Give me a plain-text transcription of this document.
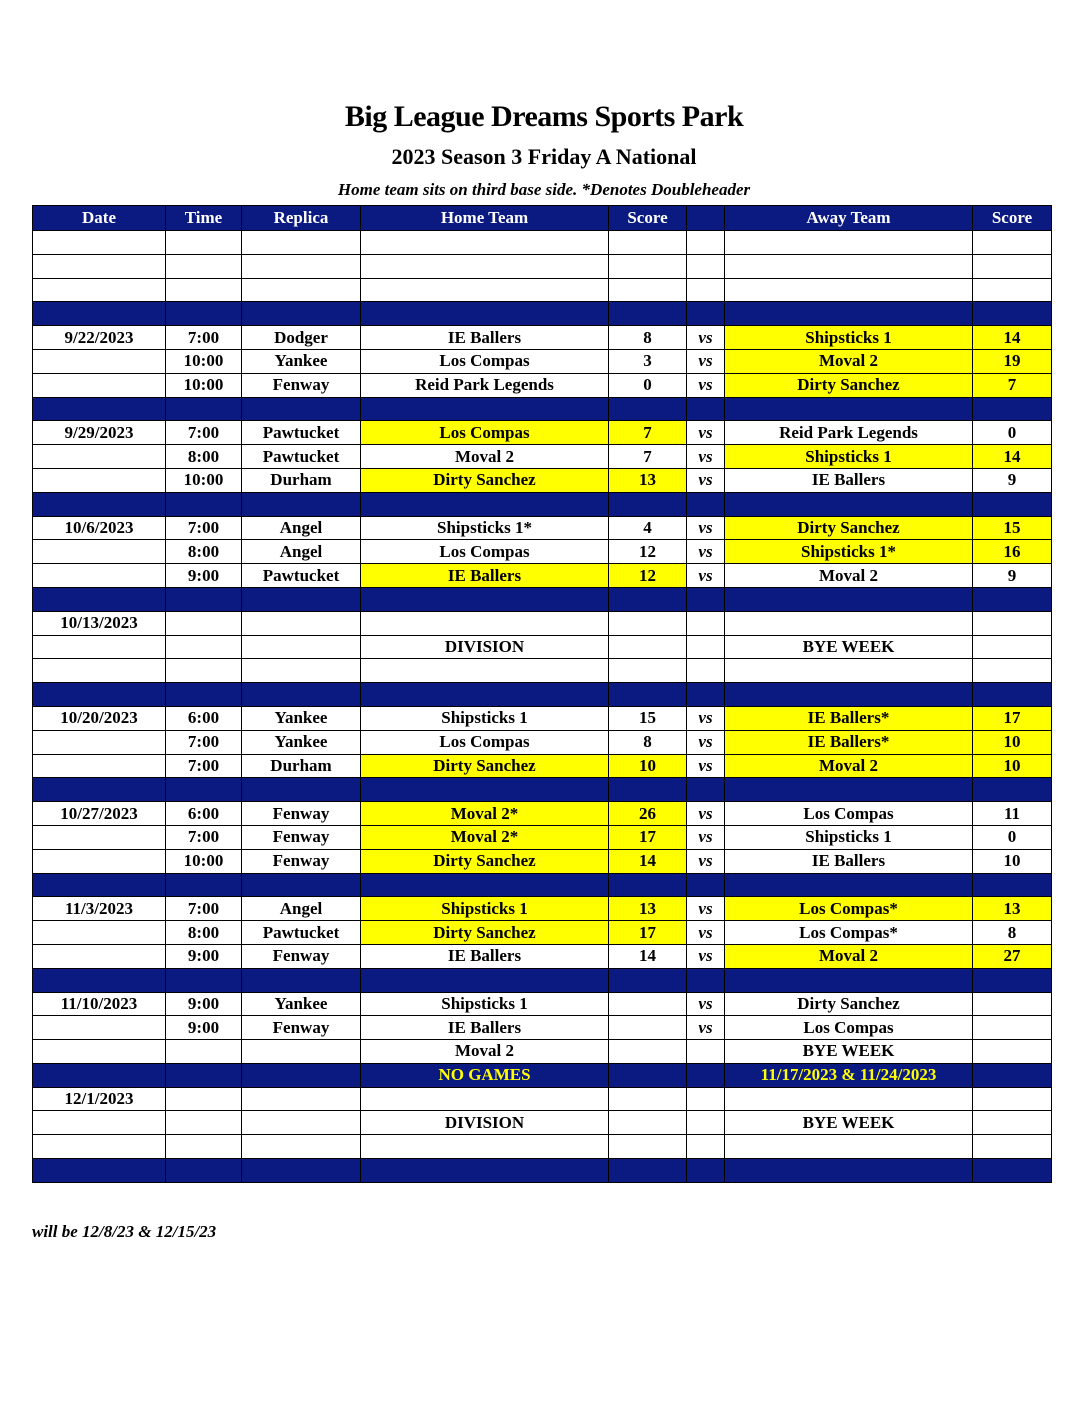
Big League Dreams Sports Park
2023 Season 3 Friday A National
Home team sits on third base side. *Denotes Doubleheader
Date	Time	Replica	Home Team	Score		Away Team	Score

9/22/2023	7:00	Dodger	IE Ballers	8	vs	Shipsticks 1	14
	10:00	Yankee	Los Compas	3	vs	Moval 2	19
	10:00	Fenway	Reid Park Legends	0	vs	Dirty Sanchez	7

9/29/2023	7:00	Pawtucket	Los Compas	7	vs	Reid Park Legends	0
	8:00	Pawtucket	Moval 2	7	vs	Shipsticks 1	14
	10:00	Durham	Dirty Sanchez	13	vs	IE Ballers	9

10/6/2023	7:00	Angel	Shipsticks 1*	4	vs	Dirty Sanchez	15
	8:00	Angel	Los Compas	12	vs	Shipsticks 1*	16
	9:00	Pawtucket	IE Ballers	12	vs	Moval 2	9

10/13/2023							
			DIVISION			BYE WEEK	

10/20/2023	6:00	Yankee	Shipsticks 1	15	vs	IE Ballers*	17
	7:00	Yankee	Los Compas	8	vs	IE Ballers*	10
	7:00	Durham	Dirty Sanchez	10	vs	Moval 2	10

10/27/2023	6:00	Fenway	Moval 2*	26	vs	Los Compas	11
	7:00	Fenway	Moval 2*	17	vs	Shipsticks 1	0
	10:00	Fenway	Dirty Sanchez	14	vs	IE Ballers	10

11/3/2023	7:00	Angel	Shipsticks 1	13	vs	Los Compas*	13
	8:00	Pawtucket	Dirty Sanchez	17	vs	Los Compas*	8
	9:00	Fenway	IE Ballers	14	vs	Moval 2	27

11/10/2023	9:00	Yankee	Shipsticks 1		vs	Dirty Sanchez	
	9:00	Fenway	IE Ballers		vs	Los Compas	
			Moval 2			BYE WEEK	
			NO GAMES			11/17/2023 & 11/24/2023	
12/1/2023							
			DIVISION			BYE WEEK	

will be 12/8/23 & 12/15/23
